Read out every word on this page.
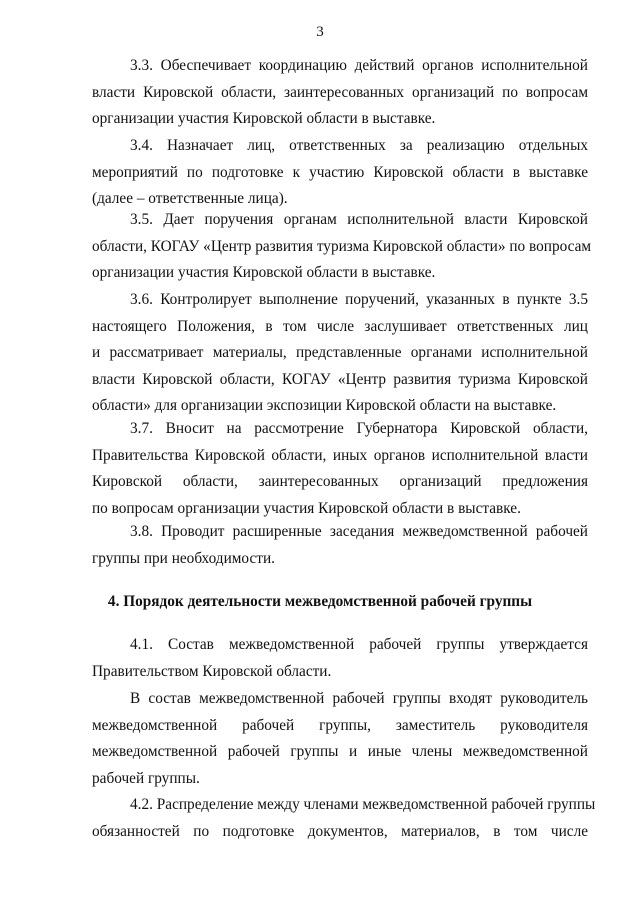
3
3.3. Обеспечивает координацию действий органов исполнительной
власти Кировской области, заинтересованных организаций по вопросам
организации участия Кировской области в выставке.
3.4. Назначает лиц, ответственных за реализацию отдельных
мероприятий по подготовке к участию Кировской области в выставке
(далее – ответственные лица).
3.5. Дает поручения органам исполнительной власти Кировской
области, КОГАУ «Центр развития туризма Кировской области» по вопросам
организации участия Кировской области в выставке.
3.6. Контролирует выполнение поручений, указанных в пункте 3.5
настоящего Положения, в том числе заслушивает ответственных лиц
и рассматривает материалы, представленные органами исполнительной
власти Кировской области, КОГАУ «Центр развития туризма Кировской
области» для организации экспозиции Кировской области на выставке.
3.7. Вносит на рассмотрение Губернатора Кировской области,
Правительства Кировской области, иных органов исполнительной власти
Кировской области, заинтересованных организаций предложения
по вопросам организации участия Кировской области в выставке.
3.8. Проводит расширенные заседания межведомственной рабочей
группы при необходимости.
4. Порядок деятельности межведомственной рабочей группы
4.1. Состав межведомственной рабочей группы утверждается
Правительством Кировской области.
В состав межведомственной рабочей группы входят руководитель
межведомственной рабочей группы, заместитель руководителя
межведомственной рабочей группы и иные члены межведомственной
рабочей группы.
4.2. Распределение между членами межведомственной рабочей группы
обязанностей по подготовке документов, материалов, в том числе
